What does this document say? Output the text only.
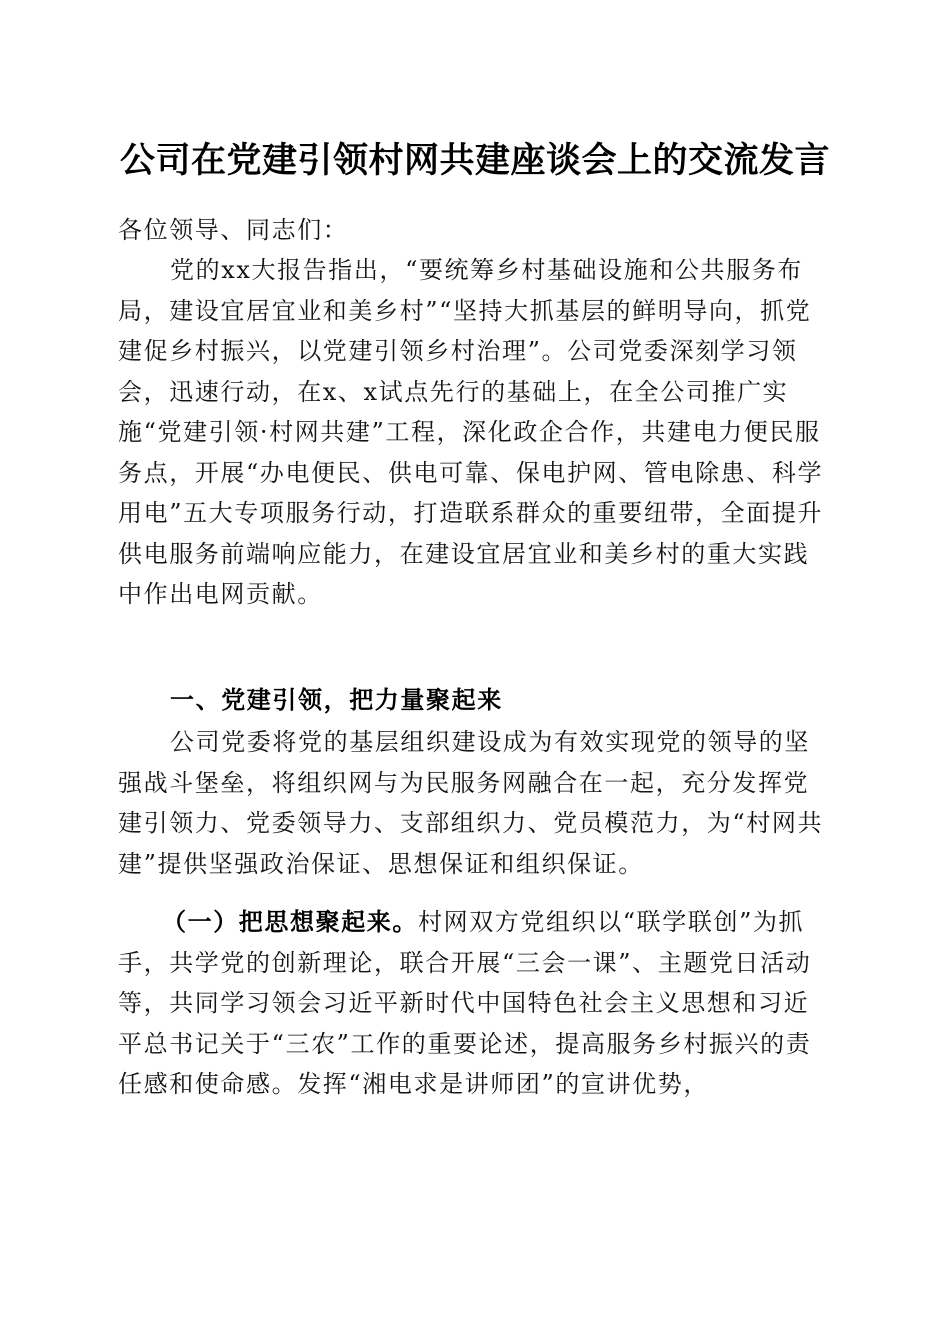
公司在党建引领村网共建座谈会上的交流发言
各位领导、同志们：
党的xx大报告指出，“要统筹乡村基础设施和公共服务布局，建设宜居宜业和美乡村”“坚持大抓基层的鲜明导向，抓党建促乡村振兴，以党建引领乡村治理”。公司党委深刻学习领会，迅速行动，在x、x试点先行的基础上，在全公司推广实施“党建引领·村网共建”工程，深化政企合作，共建电力便民服务点，开展“办电便民、供电可靠、保电护网、管电除患、科学用电”五大专项服务行动，打造联系群众的重要纽带，全面提升供电服务前端响应能力，在建设宜居宜业和美乡村的重大实践中作出电网贡献。
一、党建引领，把力量聚起来
公司党委将党的基层组织建设成为有效实现党的领导的坚强战斗堡垒，将组织网与为民服务网融合在一起，充分发挥党建引领力、党委领导力、支部组织力、党员模范力，为“村网共建”提供坚强政治保证、思想保证和组织保证。
（一）把思想聚起来。村网双方党组织以“联学联创”为抓手，共学党的创新理论，联合开展“三会一课”、主题党日活动等，共同学习领会习近平新时代中国特色社会主义思想和习近平总书记关于“三农”工作的重要论述，提高服务乡村振兴的责任感和使命感。发挥“湘电求是讲师团”的宣讲优势，
